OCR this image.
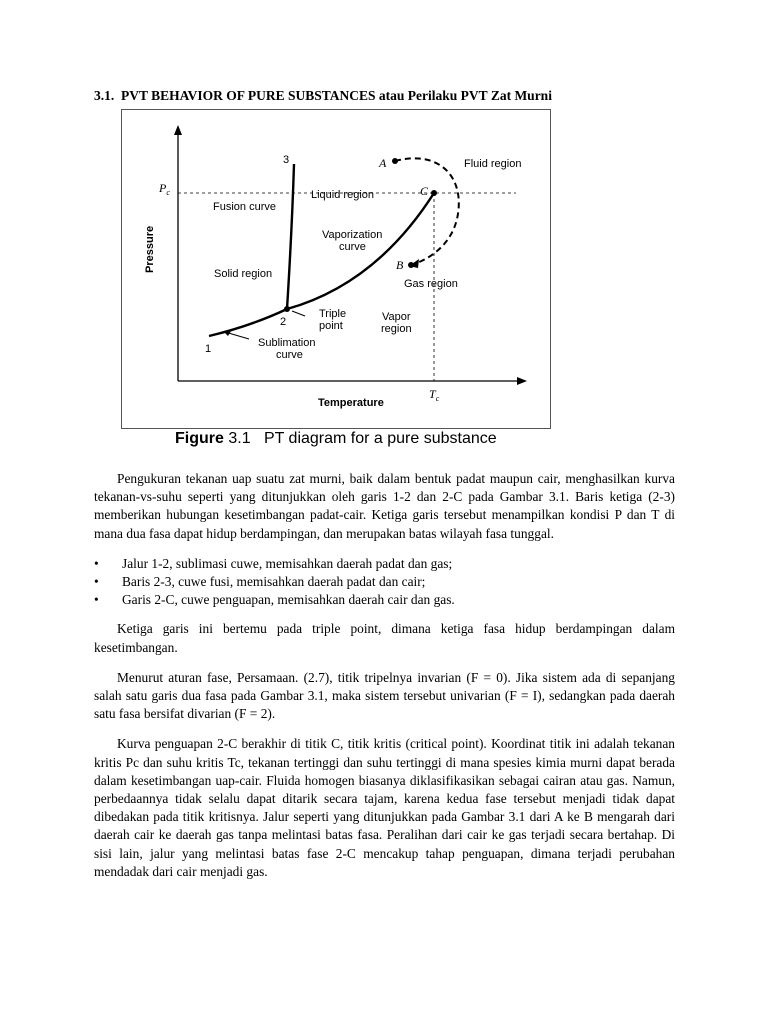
3.1. PVT BEHAVIOR OF PURE SUBSTANCES atau Perilaku PVT Zat Murni
Pressure
Temperature
$P_c$
$T_c$
1
2
3	A
B
C
Fusion curve
Liquid region
Fluid region
Vaporization
curve
Solid region
Gas region
Triple
point
Vapor
region
Sublimation
curve
Figure 3.1 PT diagram for a pure substance

Pengukuran tekanan uap suatu zat murni, baik dalam bentuk padat maupun cair, menghasilkan kurva tekanan-vs-suhu seperti yang ditunjukkan oleh garis 1-2 dan 2-C pada Gambar 3.1. Baris ketiga (2-3) memberikan hubungan kesetimbangan padat-cair. Ketiga garis tersebut menampilkan kondisi P dan T di mana dua fasa dapat hidup berdampingan, dan merupakan batas wilayah fasa tunggal.

• Jalur 1-2, sublimasi cuwe, memisahkan daerah padat dan gas;
• Baris 2-3, cuwe fusi, memisahkan daerah padat dan cair;
• Garis 2-C, cuwe penguapan, memisahkan daerah cair dan gas.

Ketiga garis ini bertemu pada triple point, dimana ketiga fasa hidup berdampingan dalam kesetimbangan.

Menurut aturan fase, Persamaan. (2.7), titik tripelnya invarian (F = 0). Jika sistem ada di sepanjang salah satu garis dua fasa pada Gambar 3.1, maka sistem tersebut univarian (F = I), sedangkan pada daerah satu fasa bersifat divarian (F = 2).

Kurva penguapan 2-C berakhir di titik C, titik kritis (critical point). Koordinat titik ini adalah tekanan kritis Pc dan suhu kritis Tc, tekanan tertinggi dan suhu tertinggi di mana spesies kimia murni dapat berada dalam kesetimbangan uap-cair. Fluida homogen biasanya diklasifikasikan sebagai cairan atau gas. Namun, perbedaannya tidak selalu dapat ditarik secara tajam, karena kedua fase tersebut menjadi tidak dapat dibedakan pada titik kritisnya. Jalur seperti yang ditunjukkan pada Gambar 3.1 dari A ke B mengarah dari daerah cair ke daerah gas tanpa melintasi batas fasa. Peralihan dari cair ke gas terjadi secara bertahap. Di sisi lain, jalur yang melintasi batas fase 2-C mencakup tahap penguapan, dimana terjadi perubahan mendadak dari cair menjadi gas.
